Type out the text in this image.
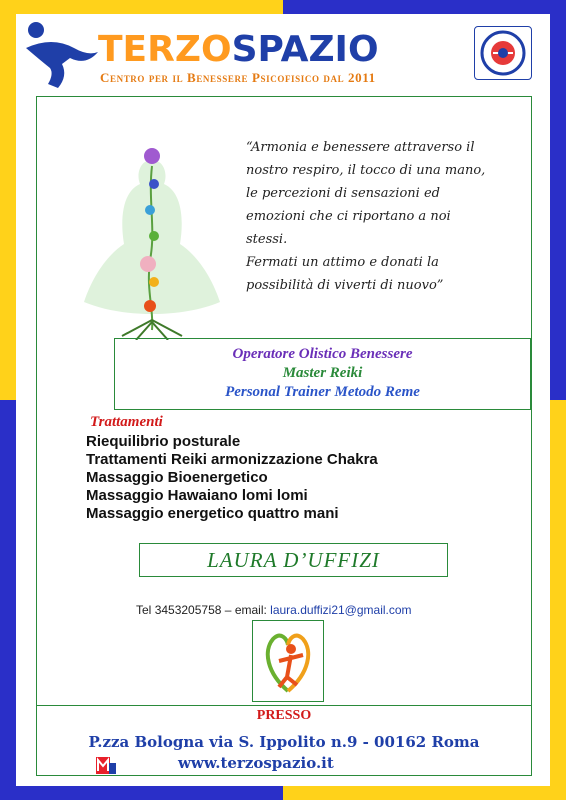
TERZOSPAZIO
Centro per il Benessere Psicofisico dal 2011
“Armonia e benessere attraverso il
nostro respiro, il tocco di una mano,
le percezioni di sensazioni ed
emozioni che ci riportano a noi
stessi.
Fermati un attimo e donati la
possibilità di viverti di nuovo”
Operatore Olistico Benessere
Master Reiki
Personal Trainer Metodo Reme
Trattamenti
Riequilibrio posturale
Trattamenti Reiki armonizzazione Chakra
Massaggio Bioenergetico
Massaggio Hawaiano lomi lomi
Massaggio energetico quattro mani
LAURA D’UFFIZI
Tel 3453205758 – email: laura.duffizi21@gmail.com
PRESSO
P.zza Bologna via S. Ippolito n.9 - 00162 Roma
www.terzospazio.it
